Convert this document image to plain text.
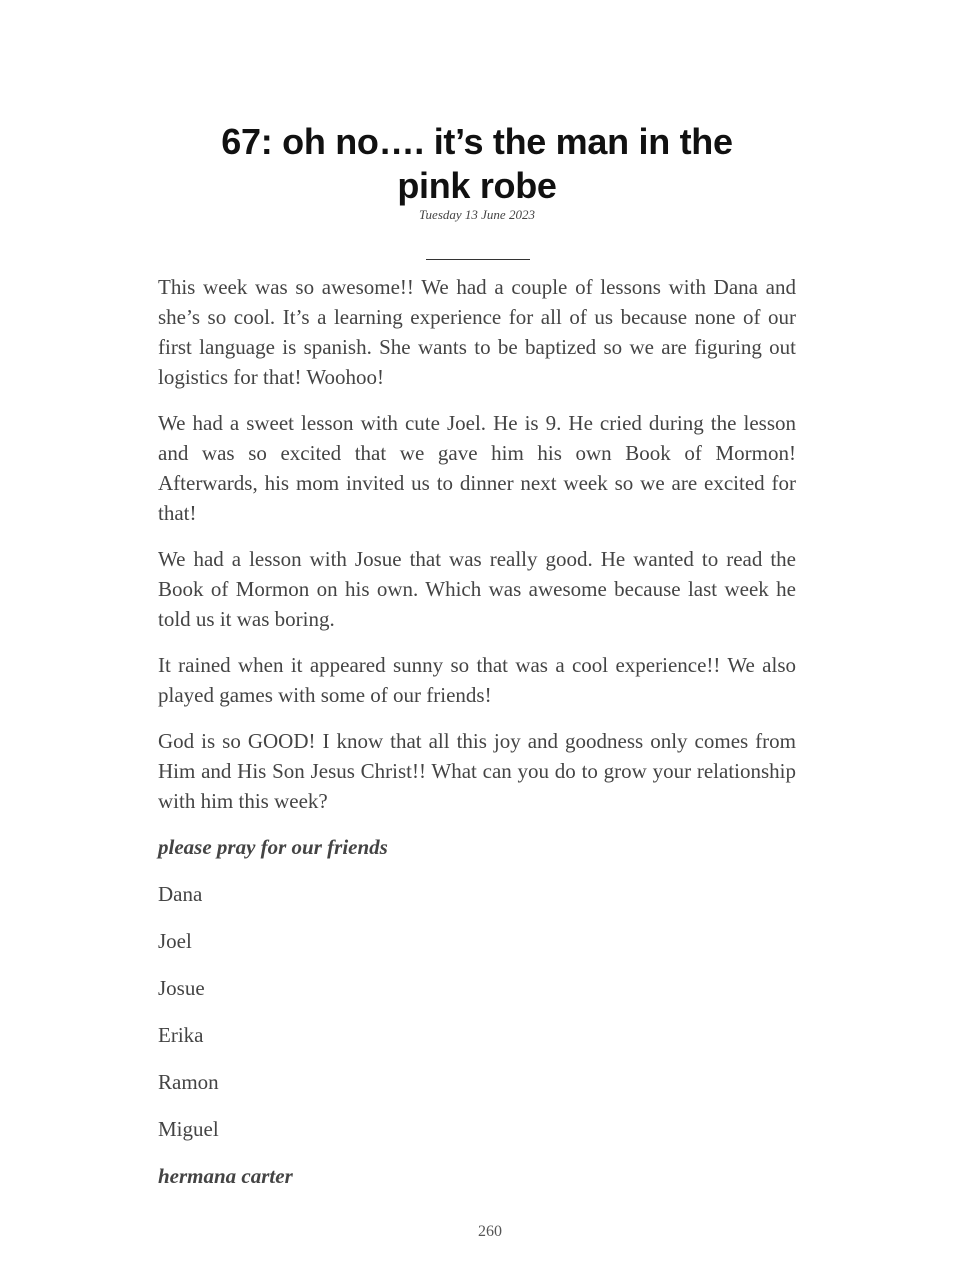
67: oh no…. it’s the man in the pink robe
Tuesday 13 June 2023

This week was so awesome!! We had a couple of lessons with Dana and she’s so cool. It’s a learning experience for all of us because none of our first language is spanish. She wants to be baptized so we are figuring out logistics for that! Woohoo!

We had a sweet lesson with cute Joel. He is 9. He cried during the lesson and was so excited that we gave him his own Book of Mormon! Afterwards, his mom invited us to dinner next week so we are excited for that!

We had a lesson with Josue that was really good. He wanted to read the Book of Mormon on his own. Which was awesome because last week he told us it was boring.

It rained when it appeared sunny so that was a cool experience!! We also played games with some of our friends!

God is so GOOD! I know that all this joy and goodness only comes from Him and His Son Jesus Christ!! What can you do to grow your relationship with him this week?

please pray for our friends

Dana

Joel

Josue

Erika

Ramon

Miguel

hermana carter

260
